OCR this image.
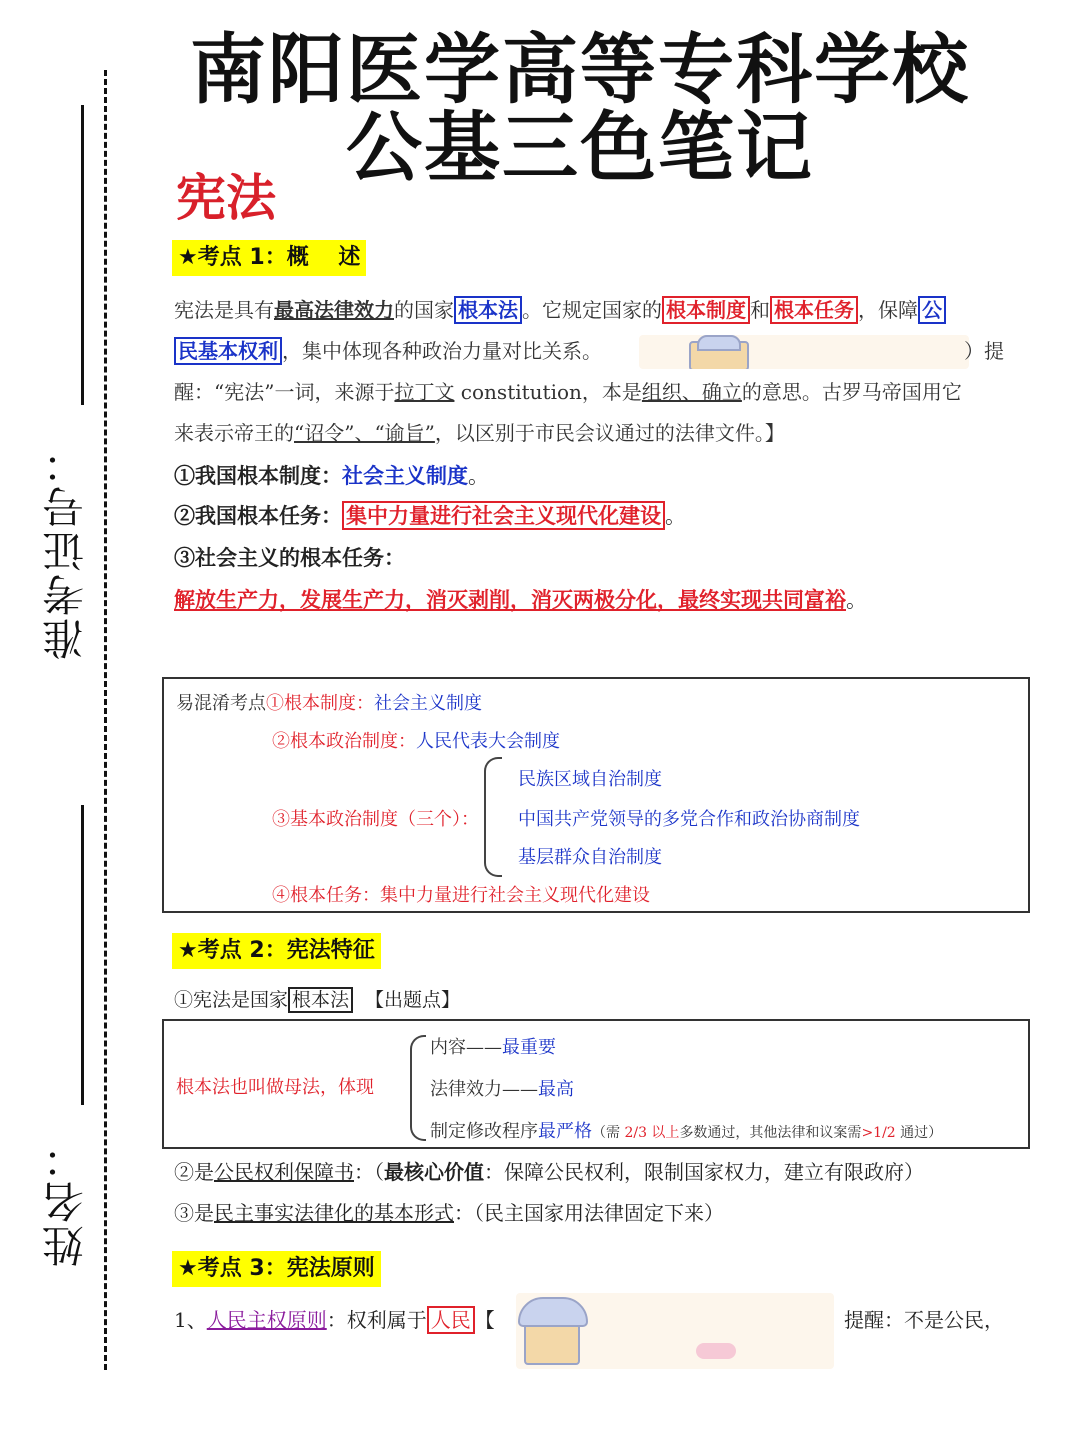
准考证号：
姓名：
南阳医学高等专科学校
公基三色笔记
宪法
★考点 1：概　 述
宪法是具有最高法律效力的国家 根本法 。它规定国家的 根本制度 和 根本任务 ，保障 公
民基本权利 ，集中体现各种政治力量对比关系。	）提
醒：“宪法”一词，来源于拉丁文 constitution，本是组织、确立的意思。古罗马帝国用它
来表示帝王的“诏令”、“谕旨”，以区别于市民会议通过的法律文件。】
①我国根本制度：社会主义制度。
②我国根本任务： 集中力量进行社会主义现代化建设 。
③社会主义的根本任务：
解放生产力，发展生产力，消灭剥削，消灭两极分化，最终实现共同富裕。
易混淆考点①根本制度：社会主义制度
②根本政治制度：人民代表大会制度
③基本政治制度（三个）：
民族区域自治制度
中国共产党领导的多党合作和政治协商制度
基层群众自治制度
④根本任务：集中力量进行社会主义现代化建设
★考点 2：宪法特征
①宪法是国家 根本法 【出题点】
根本法也叫做母法，体现
内容——最重要
法律效力——最高
制定修改程序最严格（需 2/3 以上多数通过，其他法律和议案需>1/2 通过）
②是公民权利保障书：（最核心价值：保障公民权利，限制国家权力，建立有限政府）
③是民主事实法律化的基本形式：（民主国家用法律固定下来）
★考点 3：宪法原则
1、人民主权原则：权利属于 人民 【	提醒：不是公民，
